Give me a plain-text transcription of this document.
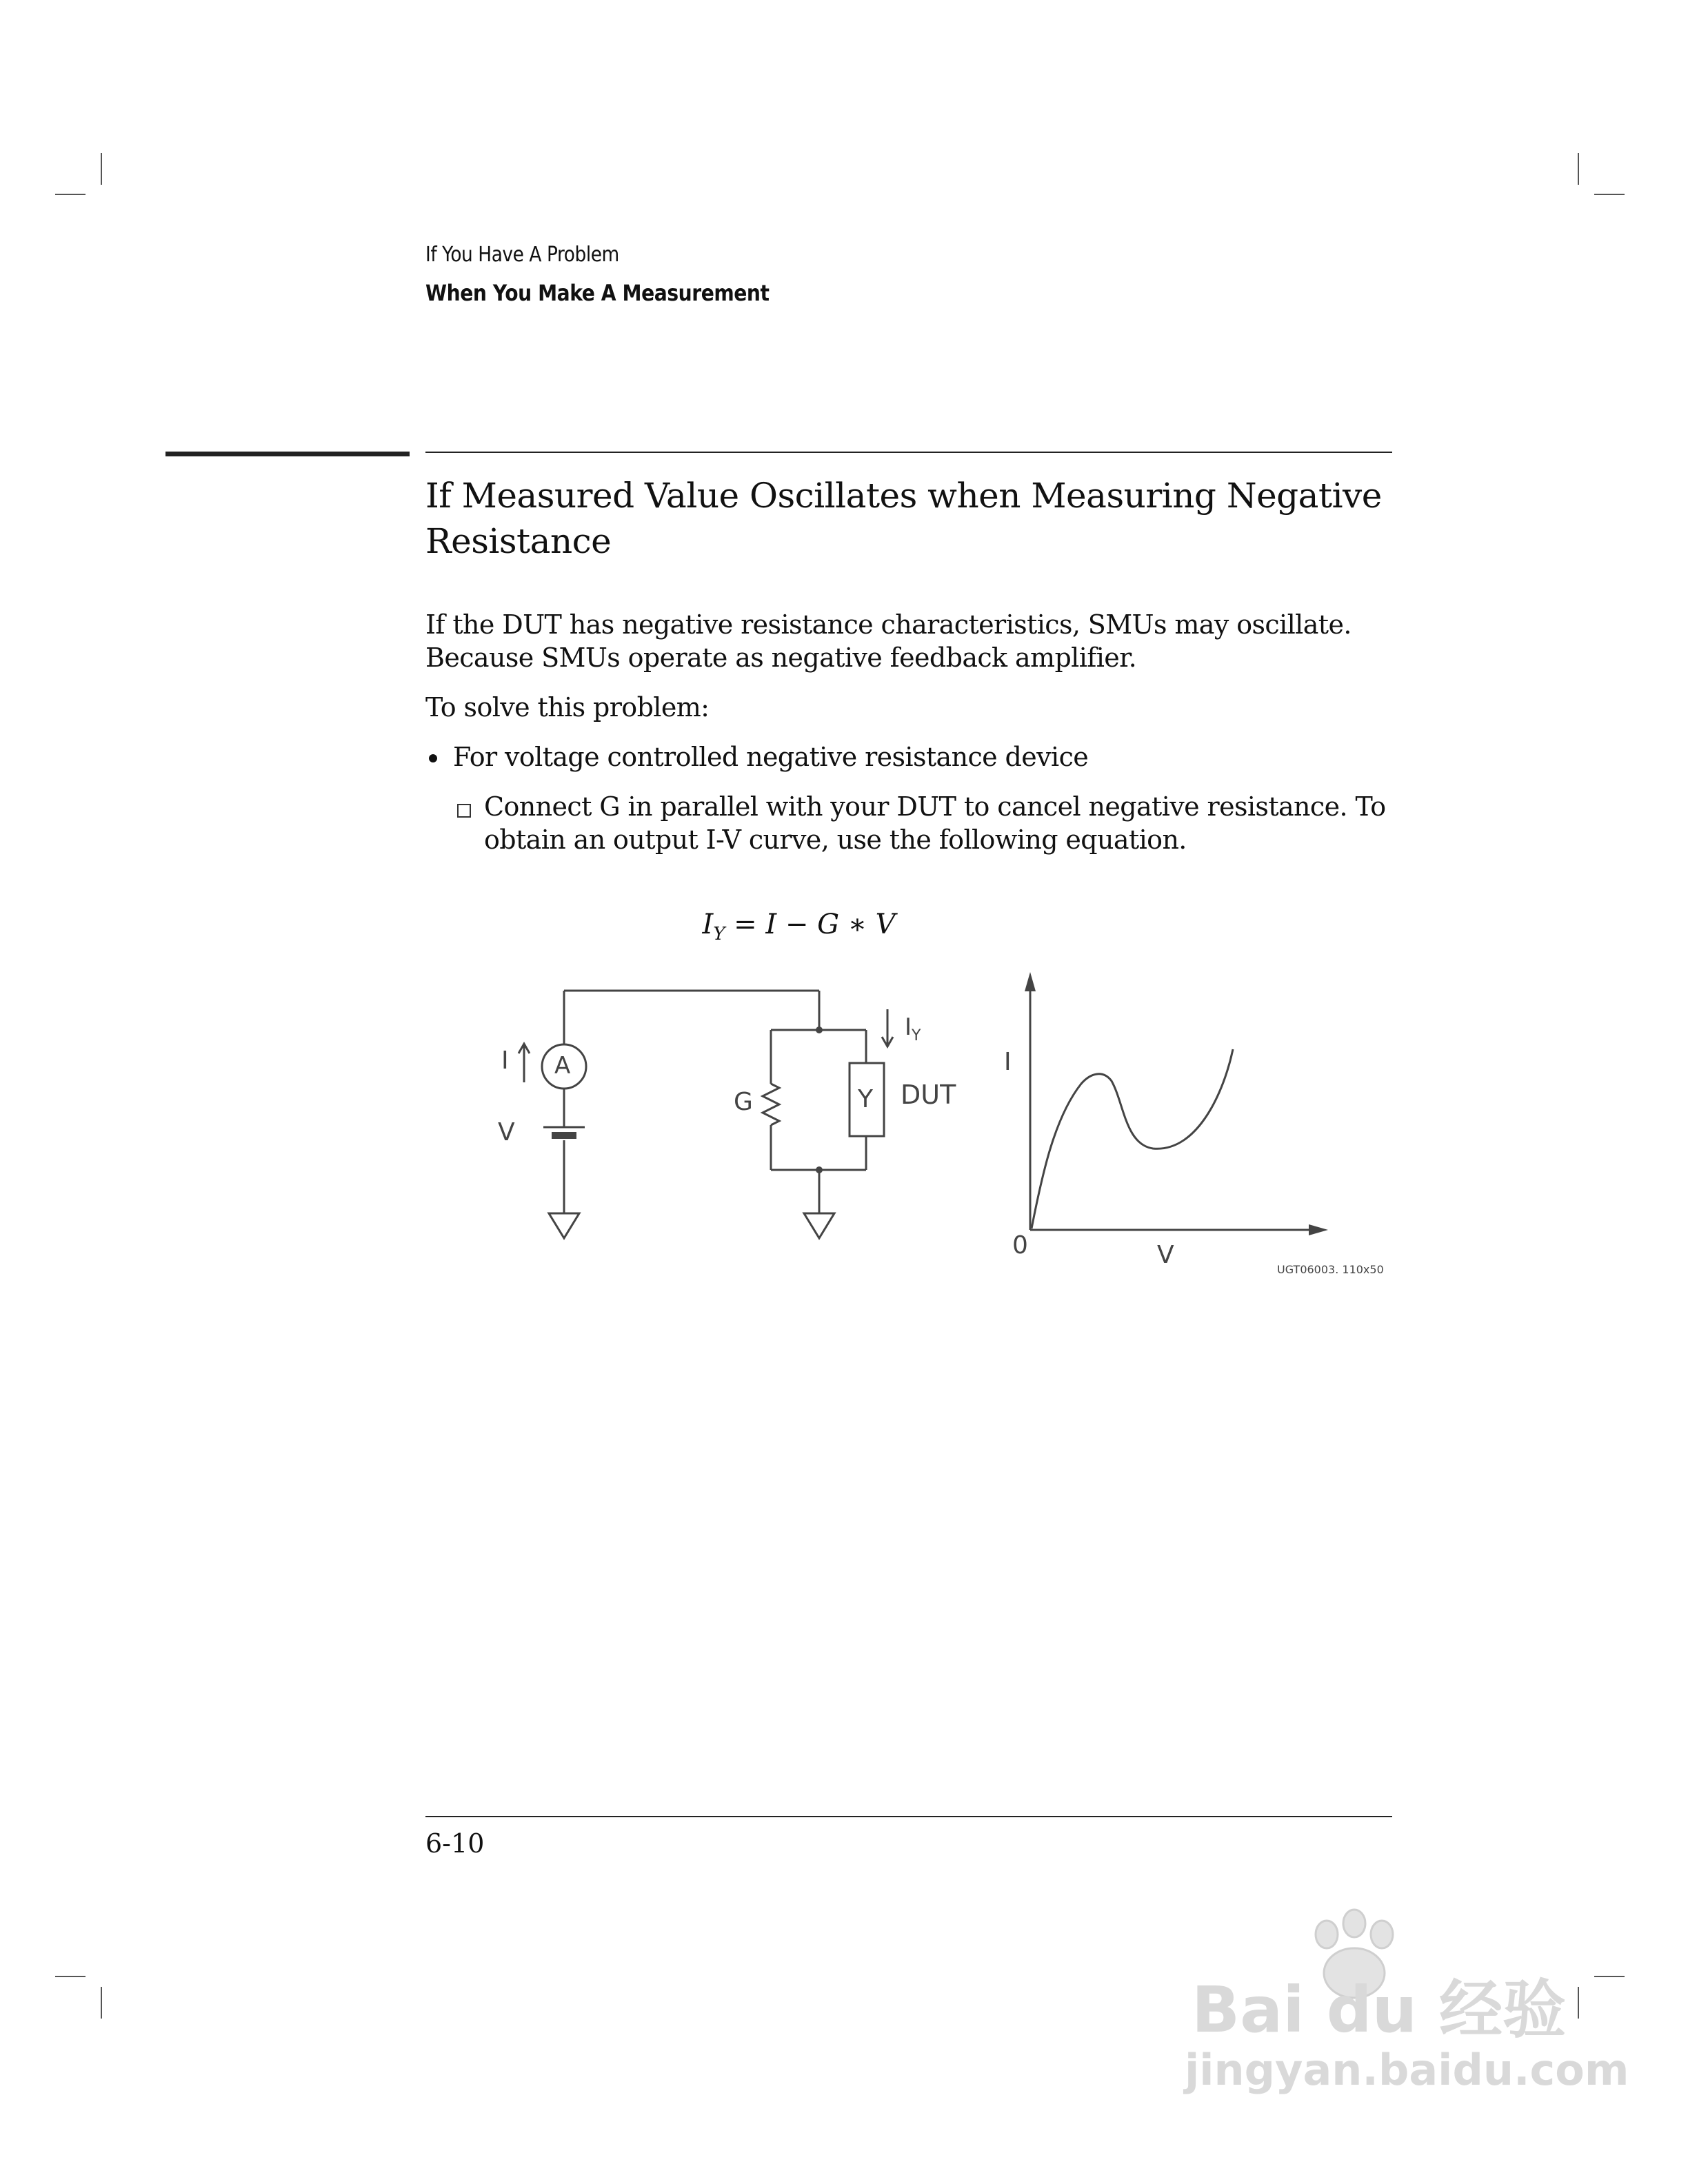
If You Have A Problem
When You Make A Measurement
If Measured Value Oscillates when Measuring Negative Resistance
If the DUT has negative resistance characteristics, SMUs may oscillate.
Because SMUs operate as negative feedback amplifier.
To solve this problem:
For voltage controlled negative resistance device
Connect G in parallel with your DUT to cancel negative resistance. To
obtain an output I-V curve, use the following equation.

$I_Y = I - G$ ∗ V

I A
V
G
$I_Y$
Y DUT
I
0	V
UGT06003. 110x50
6-10
Bai du 经验
jingyan.baidu.com
